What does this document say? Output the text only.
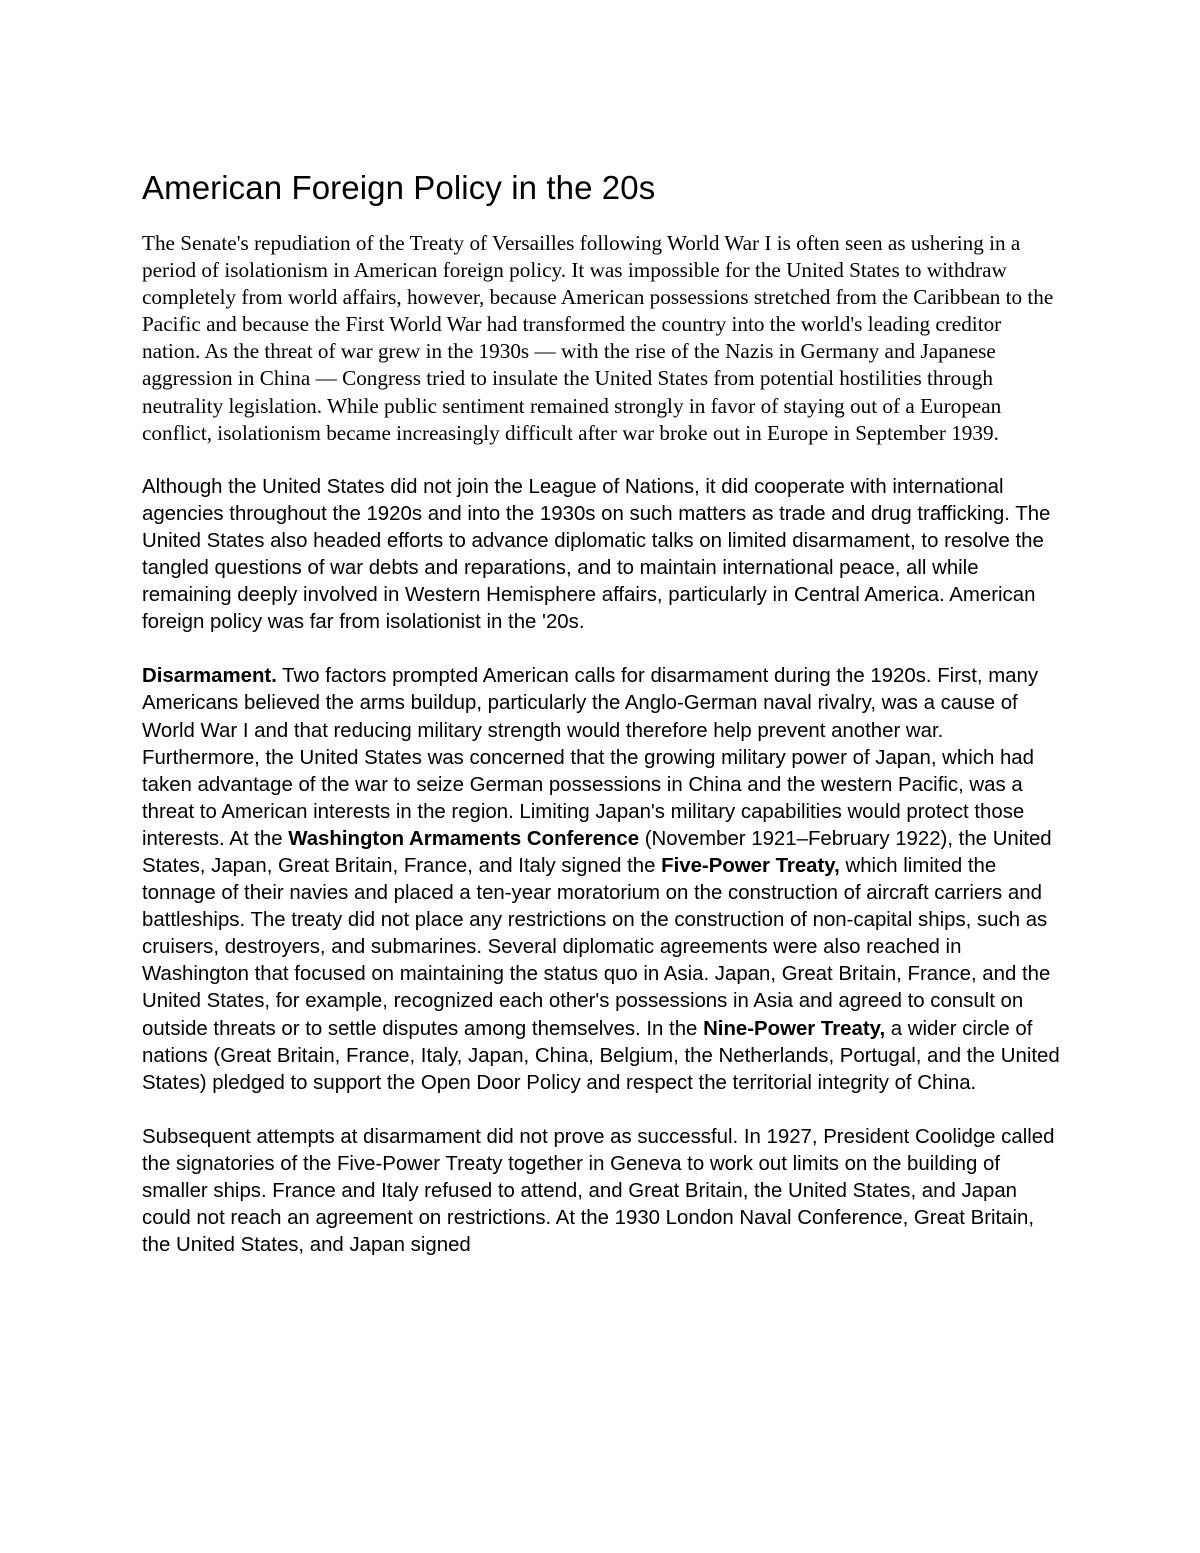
American Foreign Policy in the 20s

The Senate's repudiation of the Treaty of Versailles following World War I is often seen as ushering in a period of isolationism in American foreign policy. It was impossible for the United States to withdraw completely from world affairs, however, because American possessions stretched from the Caribbean to the Pacific and because the First World War had transformed the country into the world's leading creditor nation. As the threat of war grew in the 1930s — with the rise of the Nazis in Germany and Japanese aggression in China — Congress tried to insulate the United States from potential hostilities through neutrality legislation. While public sentiment remained strongly in favor of staying out of a European conflict, isolationism became increasingly difficult after war broke out in Europe in September 1939.

Although the United States did not join the League of Nations, it did cooperate with international agencies throughout the 1920s and into the 1930s on such matters as trade and drug trafficking. The United States also headed efforts to advance diplomatic talks on limited disarmament, to resolve the tangled questions of war debts and reparations, and to maintain international peace, all while remaining deeply involved in Western Hemisphere affairs, particularly in Central America. American foreign policy was far from isolationist in the '20s.

Disarmament. Two factors prompted American calls for disarmament during the 1920s. First, many Americans believed the arms buildup, particularly the Anglo-German naval rivalry, was a cause of World War I and that reducing military strength would therefore help prevent another war. Furthermore, the United States was concerned that the growing military power of Japan, which had taken advantage of the war to seize German possessions in China and the western Pacific, was a threat to American interests in the region. Limiting Japan's military capabilities would protect those interests. At the Washington Armaments Conference (November 1921–February 1922), the United States, Japan, Great Britain, France, and Italy signed the Five-Power Treaty, which limited the tonnage of their navies and placed a ten-year moratorium on the construction of aircraft carriers and battleships. The treaty did not place any restrictions on the construction of non-capital ships, such as cruisers, destroyers, and submarines. Several diplomatic agreements were also reached in Washington that focused on maintaining the status quo in Asia. Japan, Great Britain, France, and the United States, for example, recognized each other's possessions in Asia and agreed to consult on outside threats or to settle disputes among themselves. In the Nine-Power Treaty, a wider circle of nations (Great Britain, France, Italy, Japan, China, Belgium, the Netherlands, Portugal, and the United States) pledged to support the Open Door Policy and respect the territorial integrity of China.

Subsequent attempts at disarmament did not prove as successful. In 1927, President Coolidge called the signatories of the Five-Power Treaty together in Geneva to work out limits on the building of smaller ships. France and Italy refused to attend, and Great Britain, the United States, and Japan could not reach an agreement on restrictions. At the 1930 London Naval Conference, Great Britain, the United States, and Japan signed
